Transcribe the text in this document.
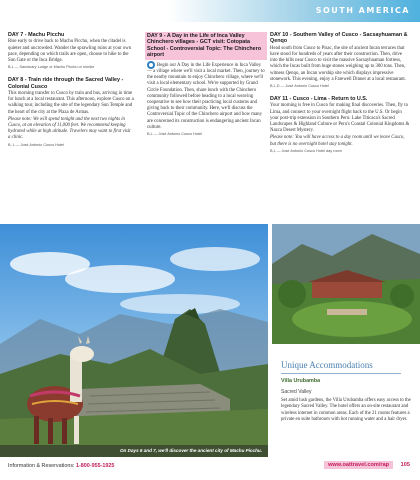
SOUTH AMERICA
DAY 7 - Machu Picchu
Rise early to drive back to Machu Picchu, when the citadel is quieter and uncrowded. Wander the sprawling ruins at your own pace, depending on which trails are open, choose to hike to the Sun Gate or the Inca Bridge.
B,L — Sanctuary Lodge or Machu Picchu or similar
DAY 8 - Train ride through the Sacred Valley - Colonial Cusco
This morning transfer to Cusco by train and bus, arriving in time for lunch at a local restaurant. This afternoon, explore Cusco on a walking tour, including the site of the legendary Sun Temple and the heart of the city at the Plaza de Armas.
Please note: We will spend tonight and the next two nights in Cusco, at an elevation of 11,000 feet. We recommend keeping hydrated while at high altitude. Travelers may want to first visit a clinic.
B, L — José Antonio Cusco Hotel
DAY 9 - A Day in the Life of Inca Valley Chinchero villages - GCT visit: Cotopata School - Controversial Topic: The Chinchero airport
Begin our A Day in the Life Experience in Inca Valley — a village where we'll visit a local market. Then, journey to the nearby mountain to enjoy Chinchero village, where we'll visit a local elementary school. We're supported by Grand Circle Foundation. Then, share lunch with the Chinchero community followed before heading to a local weaving cooperative to see how their practicing local customs and giving back to their community. Here, we'll discuss the Controversial Topic of the Chinchero airport and how many are concerned its construction is endangering ancient Incan culture.
B,L — José Antonio Cusco Hotel
DAY 10 - Southern Valley of Cusco - Sacsayhuaman & Qenqo
Head south from Cusco to Pisac, the site of ancient Incan terraces that have stood for hundreds of years after their construction. Then, drive into the hills near Cusco to visit the massive Sacsayhuaman fortress, which the Incas built from huge stones weighing up to 300 tons. Then, witness Qenqo, an Incan worship site which displays impressive stonework. This evening, enjoy a Farewell Dinner at a local restaurant.
B,L,D — José Antonio Cusco Hotel
DAY 11 - Cusco - Lima - Return to U.S.
Your morning is free in Cusco for making final discoveries. Then, fly to Lima, and connect to your overnight flight back to the U.S. Or begin your post-trip extension in Southern Peru: Lake Titicaca's Sacred Landscapes & Highland Culture or Peru's Coastal Colonial Kingdoms & Nazca Desert Mystery.
Please note: You will have access to a day room until we leave Cusco, but there is no overnight hotel stay tonight.
B,L — José Antonio Cusco Hotel day room
On Days 6 and 7, we'll discover the ancient city of Machu Picchu.
Unique Accommodations
Villa Urubamba
Sacred Valley
Set amid lush gardens, the Villa Urubamba offers easy access to the legendary Sacred Valley. The hotel offers an on-site restaurant and wireless internet in common areas. Each of the 21 rooms features a private en suite bathroom with hot running water and a hair dryer.
Information & Reservations: 1-800-955-1925	www.oattravel.com/rap 105
